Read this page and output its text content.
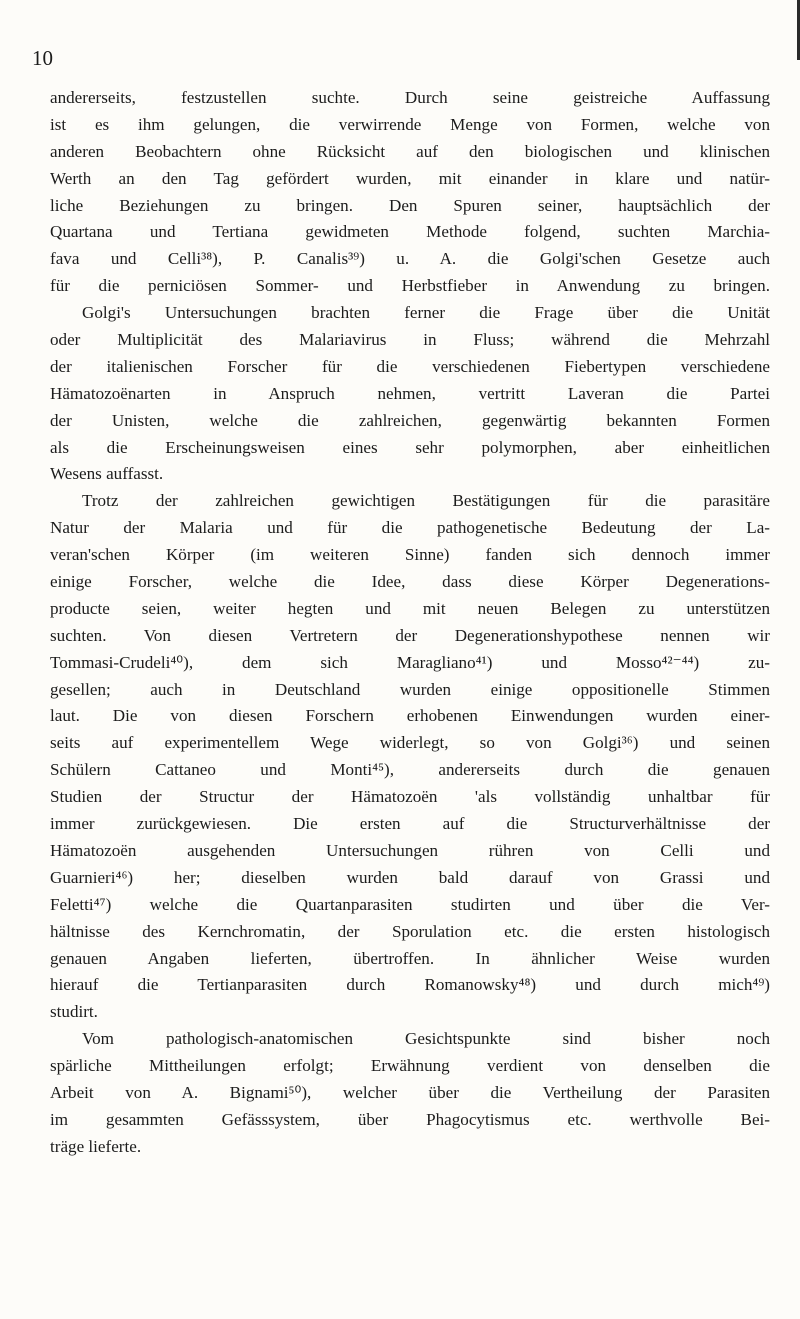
10
andererseits, festzustellen suchte. Durch seine geistreiche Auffassung
ist es ihm gelungen, die verwirrende Menge von Formen, welche von
anderen Beobachtern ohne Rücksicht auf den biologischen und klinischen
Werth an den Tag gefördert wurden, mit einander in klare und natür-
liche Beziehungen zu bringen. Den Spuren seiner, hauptsächlich der
Quartana und Tertiana gewidmeten Methode folgend, suchten Marchia-
fava und Celli³⁸), P. Canalis³⁹) u. A. die Golgi'schen Gesetze auch
für die perniciösen Sommer- und Herbstfieber in Anwendung zu bringen.
Golgi's Untersuchungen brachten ferner die Frage über die Unität
oder Multiplicität des Malariavirus in Fluss; während die Mehrzahl
der italienischen Forscher für die verschiedenen Fiebertypen verschiedene
Hämatozoënarten in Anspruch nehmen, vertritt Laveran die Partei
der Unisten, welche die zahlreichen, gegenwärtig bekannten Formen
als die Erscheinungsweisen eines sehr polymorphen, aber einheitlichen
Wesens auffasst.
Trotz der zahlreichen gewichtigen Bestätigungen für die parasitäre
Natur der Malaria und für die pathogenetische Bedeutung der La-
veran'schen Körper (im weiteren Sinne) fanden sich dennoch immer
einige Forscher, welche die Idee, dass diese Körper Degenerations-
producte seien, weiter hegten und mit neuen Belegen zu unterstützen
suchten. Von diesen Vertretern der Degenerationshypothese nennen wir
Tommasi-Crudeli⁴⁰), dem sich Maragliano⁴¹) und Mosso⁴²⁻⁴⁴) zu-
gesellen; auch in Deutschland wurden einige oppositionelle Stimmen
laut. Die von diesen Forschern erhobenen Einwendungen wurden einer-
seits auf experimentellem Wege widerlegt, so von Golgi³⁶) und seinen
Schülern Cattaneo und Monti⁴⁵), andererseits durch die genauen
Studien der Structur der Hämatozoën 'als vollständig unhaltbar für
immer zurückgewiesen. Die ersten auf die Structurverhältnisse der
Hämatozoën ausgehenden Untersuchungen rühren von Celli und
Guarnieri⁴⁶) her; dieselben wurden bald darauf von Grassi und
Feletti⁴⁷) welche die Quartanparasiten studirten und über die Ver-
hältnisse des Kernchromatin, der Sporulation etc. die ersten histologisch
genauen Angaben lieferten, übertroffen. In ähnlicher Weise wurden
hierauf die Tertianparasiten durch Romanowsky⁴⁸) und durch mich⁴⁹)
studirt.
Vom pathologisch-anatomischen Gesichtspunkte sind bisher noch
spärliche Mittheilungen erfolgt; Erwähnung verdient von denselben die
Arbeit von A. Bignami⁵⁰), welcher über die Vertheilung der Parasiten
im gesammten Gefässsystem, über Phagocytismus etc. werthvolle Bei-
träge lieferte.
